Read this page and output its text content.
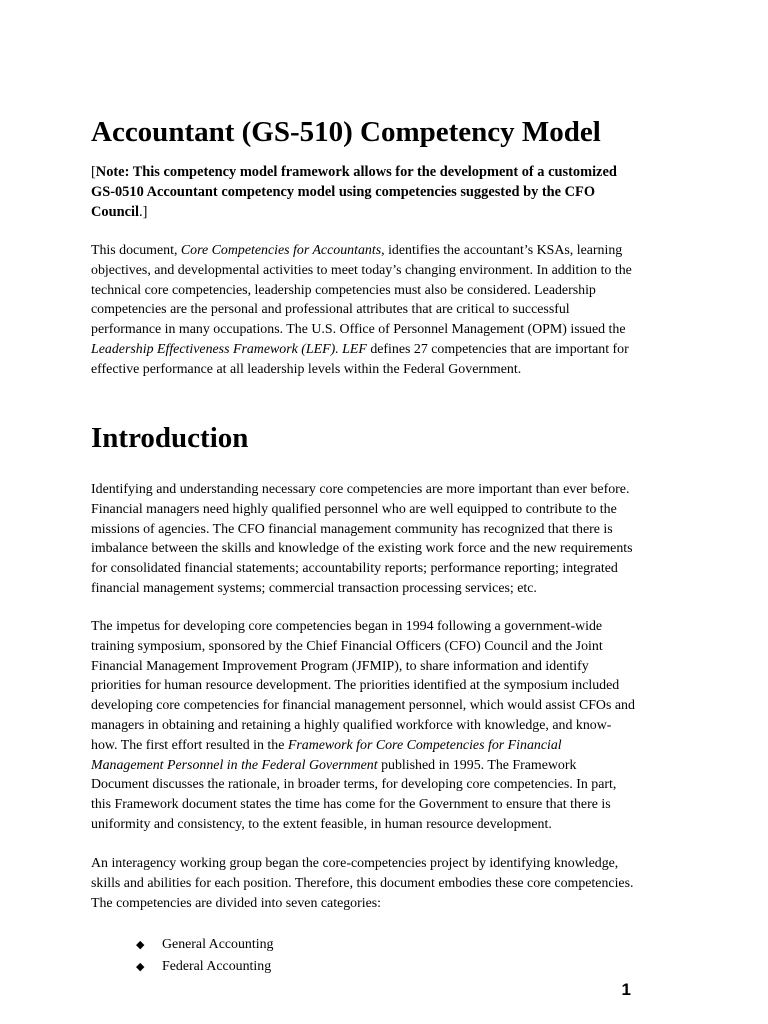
Accountant (GS-510) Competency Model

[Note: This competency model framework allows for the development of a customized GS-0510 Accountant competency model using competencies suggested by the CFO Council.]

This document, Core Competencies for Accountants, identifies the accountant’s KSAs, learning objectives, and developmental activities to meet today’s changing environment. In addition to the technical core competencies, leadership competencies must also be considered. Leadership competencies are the personal and professional attributes that are critical to successful performance in many occupations. The U.S. Office of Personnel Management (OPM) issued the Leadership Effectiveness Framework (LEF). LEF defines 27 competencies that are important for effective performance at all leadership levels within the Federal Government.

Introduction

Identifying and understanding necessary core competencies are more important than ever before. Financial managers need highly qualified personnel who are well equipped to contribute to the missions of agencies. The CFO financial management community has recognized that there is imbalance between the skills and knowledge of the existing work force and the new requirements for consolidated financial statements; accountability reports; performance reporting; integrated financial management systems; commercial transaction processing services; etc.

The impetus for developing core competencies began in 1994 following a government-wide training symposium, sponsored by the Chief Financial Officers (CFO) Council and the Joint Financial Management Improvement Program (JFMIP), to share information and identify priorities for human resource development. The priorities identified at the symposium included developing core competencies for financial management personnel, which would assist CFOs and managers in obtaining and retaining a highly qualified workforce with knowledge, and know-how. The first effort resulted in the Framework for Core Competencies for Financial Management Personnel in the Federal Government published in 1995. The Framework Document discusses the rationale, in broader terms, for developing core competencies. In part, this Framework document states the time has come for the Government to ensure that there is uniformity and consistency, to the extent feasible, in human resource development.

An interagency working group began the core-competencies project by identifying knowledge, skills and abilities for each position. Therefore, this document embodies these core competencies. The competencies are divided into seven categories:

◆ General Accounting
◆ Federal Accounting
1
